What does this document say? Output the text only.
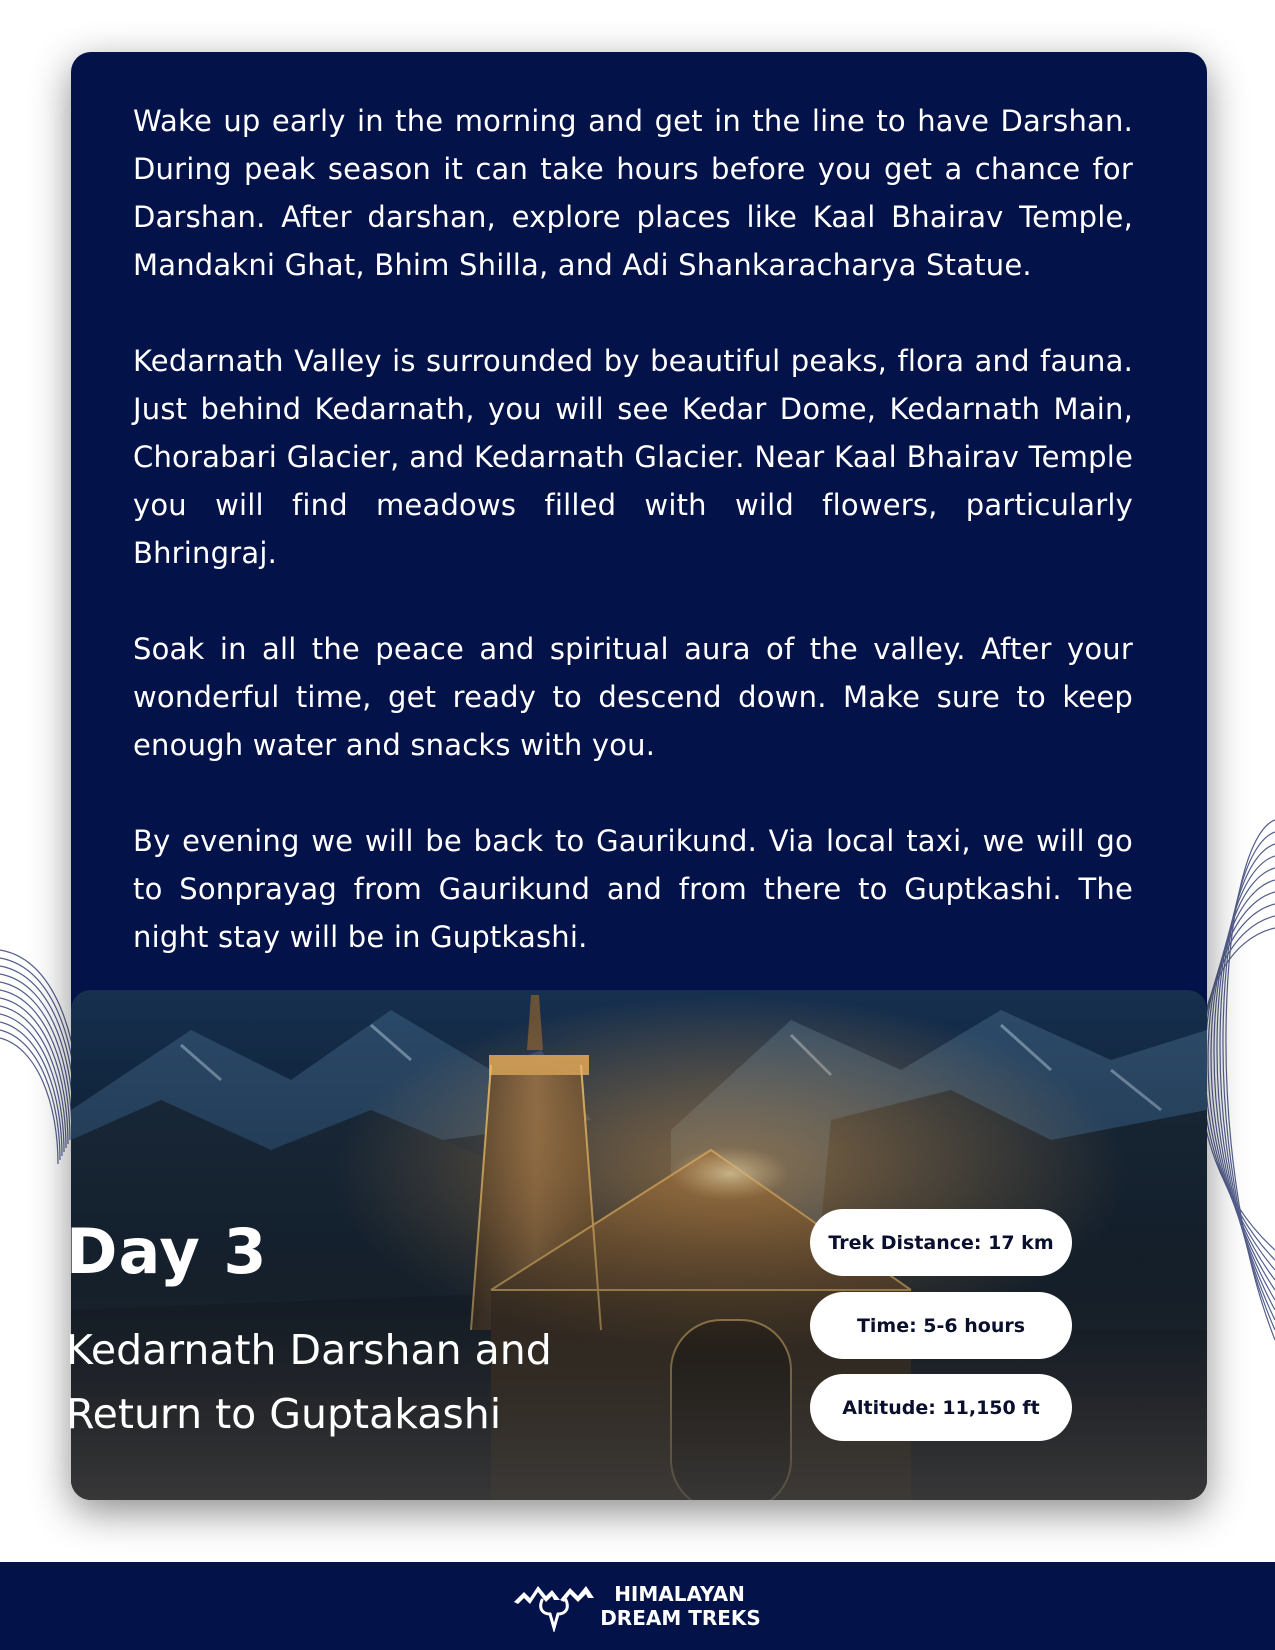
Wake up early in the morning and get in the line to have Darshan. During peak season it can take hours before you get a chance for Darshan. After darshan, explore places like Kaal Bhairav Temple, Mandakni Ghat, Bhim Shilla, and Adi Shankaracharya Statue.

Kedarnath Valley is surrounded by beautiful peaks, flora and fauna. Just behind Kedarnath, you will see Kedar Dome, Kedarnath Main, Chorabari Glacier, and Kedarnath Glacier. Near Kaal Bhairav Temple you will find meadows filled with wild flowers, particularly Bhringraj.

Soak in all the peace and spiritual aura of the valley. After your wonderful time, get ready to descend down. Make sure to keep enough water and snacks with you.

By evening we will be back to Gaurikund. Via local taxi, we will go to Sonprayag from Gaurikund and from there to Guptkashi. The night stay will be in Guptkashi.

Day 3
Kedarnath Darshan and Return to Guptakashi
Trek Distance: 17 km
Time: 5-6 hours
Altitude: 11,150 ft
HIMALAYAN
DREAM TREKS
